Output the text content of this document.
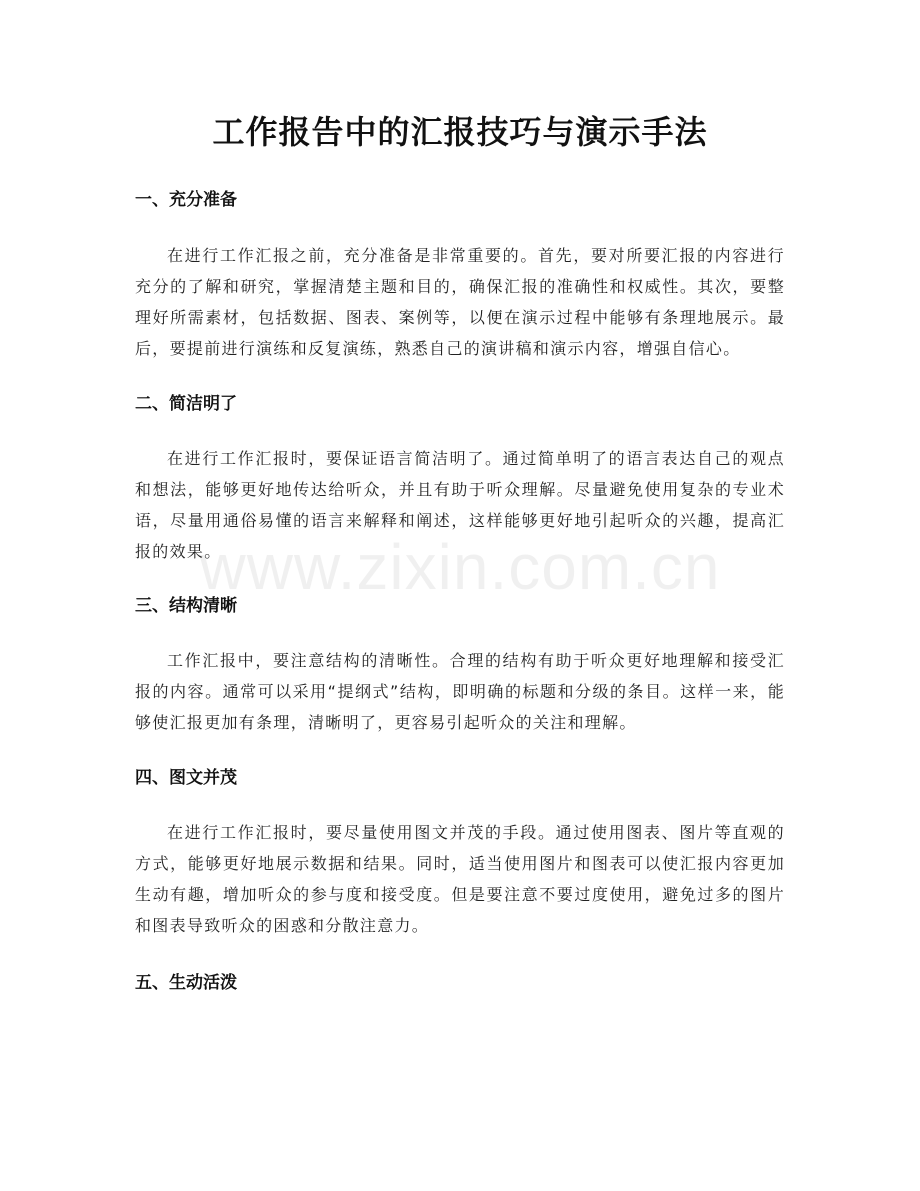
www.zixin.com.cn
工作报告中的汇报技巧与演示手法
一、充分准备

在进行工作汇报之前，充分准备是非常重要的。首先，要对所要汇报的内容进行充分的了解和研究，掌握清楚主题和目的，确保汇报的准确性和权威性。其次，要整理好所需素材，包括数据、图表、案例等，以便在演示过程中能够有条理地展示。最后，要提前进行演练和反复演练，熟悉自己的演讲稿和演示内容，增强自信心。

二、简洁明了

在进行工作汇报时，要保证语言简洁明了。通过简单明了的语言表达自己的观点和想法，能够更好地传达给听众，并且有助于听众理解。尽量避免使用复杂的专业术语，尽量用通俗易懂的语言来解释和阐述，这样能够更好地引起听众的兴趣，提高汇报的效果。

三、结构清晰

工作汇报中，要注意结构的清晰性。合理的结构有助于听众更好地理解和接受汇报的内容。通常可以采用“提纲式”结构，即明确的标题和分级的条目。这样一来，能够使汇报更加有条理，清晰明了，更容易引起听众的关注和理解。

四、图文并茂

在进行工作汇报时，要尽量使用图文并茂的手段。通过使用图表、图片等直观的方式，能够更好地展示数据和结果。同时，适当使用图片和图表可以使汇报内容更加生动有趣，增加听众的参与度和接受度。但是要注意不要过度使用，避免过多的图片和图表导致听众的困惑和分散注意力。

五、生动活泼
